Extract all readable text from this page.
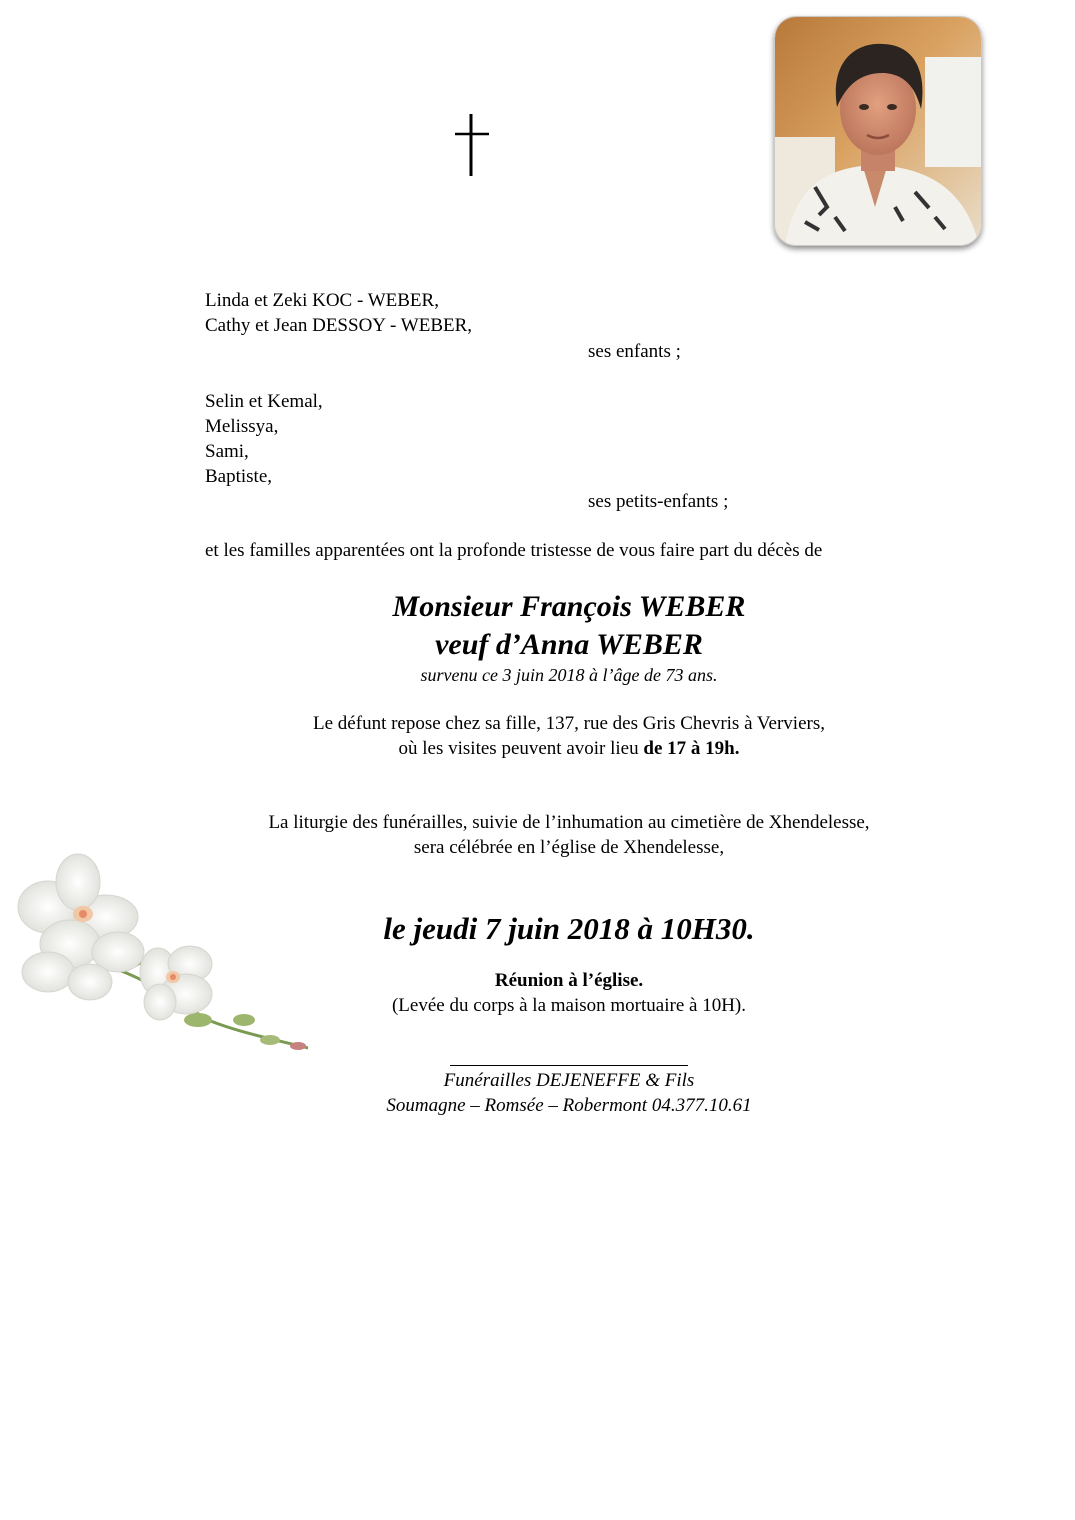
Linda et Zeki KOC - WEBER,
Cathy et Jean DESSOY - WEBER,
ses enfants ;
Selin et Kemal,
Melissya,
Sami,
Baptiste,
ses petits-enfants ;
et les familles apparentées ont la profonde tristesse de vous faire part du décès de
Monsieur François WEBER
veuf d’Anna WEBER
survenu ce 3 juin 2018 à l’âge de 73 ans.
Le défunt repose chez sa fille, 137, rue des Gris Chevris à Verviers,
où les visites peuvent avoir lieu de 17 à 19h.
La liturgie des funérailles, suivie de l’inhumation au cimetière de Xhendelesse,
sera célébrée en l’église de Xhendelesse,
le jeudi 7 juin 2018 à 10H30.
Réunion à l’église.
(Levée du corps à la maison mortuaire à 10H).
Funérailles DEJENEFFE & Fils
Soumagne – Romsée – Robermont 04.377.10.61
